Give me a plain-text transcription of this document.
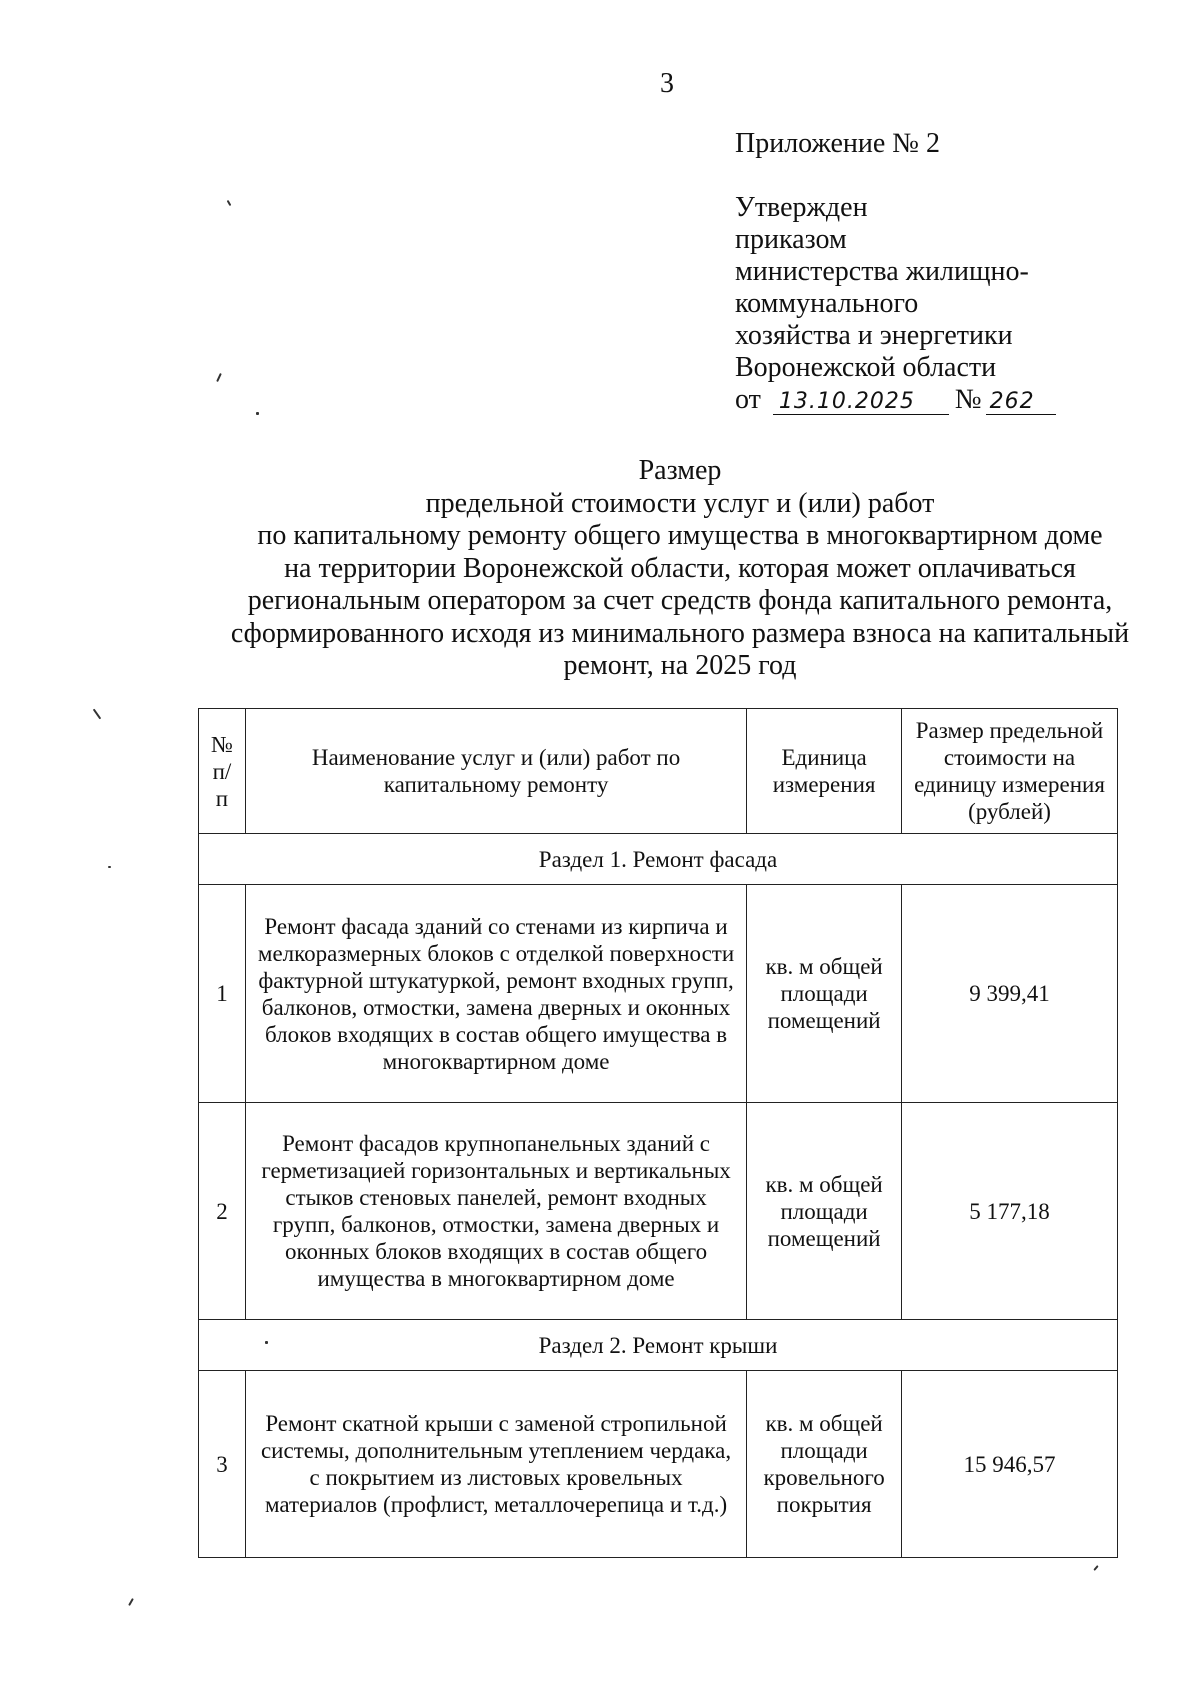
3
Приложение № 2
Утвержден
приказом
министерства жилищно-
коммунального
хозяйства и энергетики
Воронежской области
от 13.10.2025	№ 262
Размер
предельной стоимости услуг и (или) работ
по капитальному ремонту общего имущества в многоквартирном доме
на территории Воронежской области, которая может оплачиваться
региональным оператором за счет средств фонда капитального ремонта,
сформированного исходя из минимального размера взноса на капитальный
ремонт, на 2025 год
№ п/п	Наименование услуг и (или) работ по капитальному ремонту	Единица измерения	Размер предельной стоимости на единицу измерения (рублей)
Раздел 1. Ремонт фасада			
1	Ремонт фасада зданий со стенами из кирпича и мелкоразмерных блоков с отделкой поверхности фактурной штукатуркой, ремонт входных групп, балконов, отмостки, замена дверных и оконных блоков входящих в состав общего имущества в многоквартирном доме	кв. м общей площади помещений	9 399,41
2	Ремонт фасадов крупнопанельных зданий с герметизацией горизонтальных и вертикальных стыков стеновых панелей, ремонт входных групп, балконов, отмостки, замена дверных и оконных блоков входящих в состав общего имущества в многоквартирном доме	кв. м общей площади помещений	5 177,18
Раздел 2. Ремонт крыши			
3	Ремонт скатной крыши с заменой стропильной системы, дополнительным утеплением чердака, с покрытием из листовых кровельных материалов (профлист, металлочерепица и т.д.)	кв. м общей площади кровельного покрытия	15 946,57
